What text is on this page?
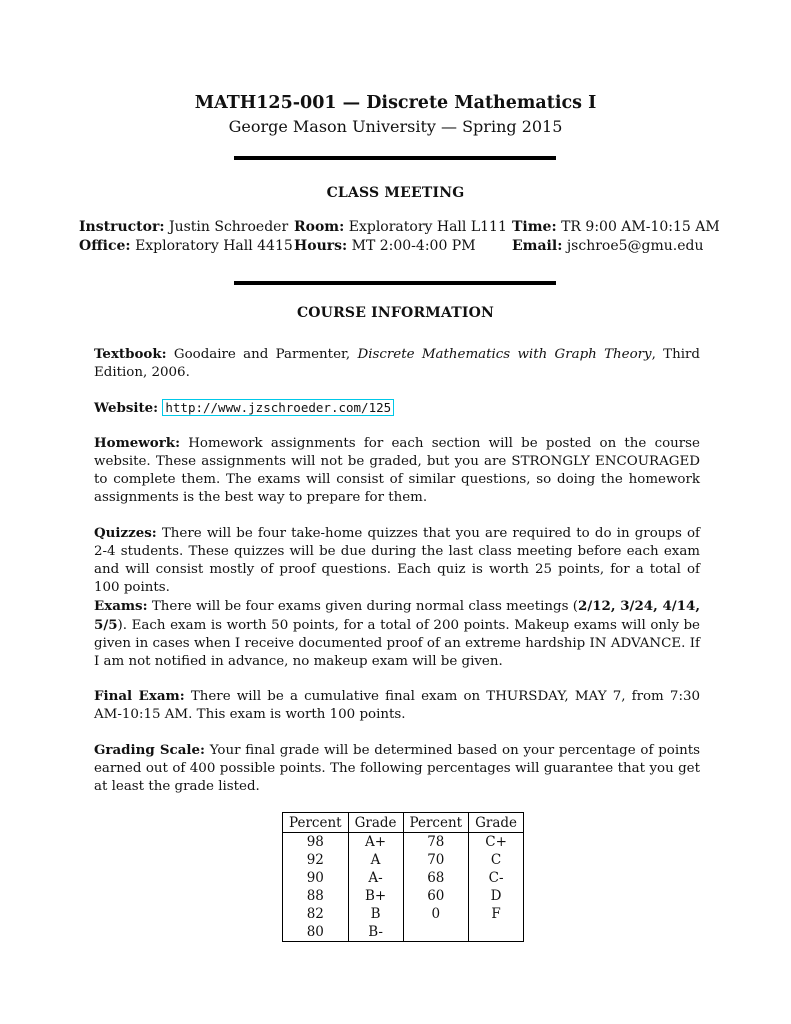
MATH125-001 — Discrete Mathematics I
George Mason University — Spring 2015
CLASS MEETING
Instructor: Justin Schroeder Room: Exploratory Hall L111 Time: TR 9:00 AM-10:15 AM
Office: Exploratory Hall 4415 Hours: MT 2:00-4:00 PM	Email: jschroe5@gmu.edu
COURSE INFORMATION
Textbook: Goodaire and Parmenter, Discrete Mathematics with Graph Theory, Third Edition, 2006.
Website: http://www.jzschroeder.com/125
Homework: Homework assignments for each section will be posted on the course website. These assignments will not be graded, but you are STRONGLY ENCOURAGED to complete them. The exams will consist of similar questions, so doing the homework assignments is the best way to prepare for them.
Quizzes: There will be four take-home quizzes that you are required to do in groups of 2-4 students. These quizzes will be due during the last class meeting before each exam and will consist mostly of proof questions. Each quiz is worth 25 points, for a total of 100 points.
Exams: There will be four exams given during normal class meetings (2/12, 3/24, 4/14, 5/5). Each exam is worth 50 points, for a total of 200 points. Makeup exams will only be given in cases when I receive documented proof of an extreme hardship IN ADVANCE. If I am not notified in advance, no makeup exam will be given.
Final Exam: There will be a cumulative final exam on THURSDAY, MAY 7, from 7:30 AM-10:15 AM. This exam is worth 100 points.
Grading Scale: Your final grade will be determined based on your percentage of points earned out of 400 possible points. The following percentages will guarantee that you get at least the grade listed.
Percent	Grade	Percent	Grade
98	A+	78	C+
92	A	70	C
90	A-	68	C-
88	B+	60	D
82	B	0	F
80	B-		
